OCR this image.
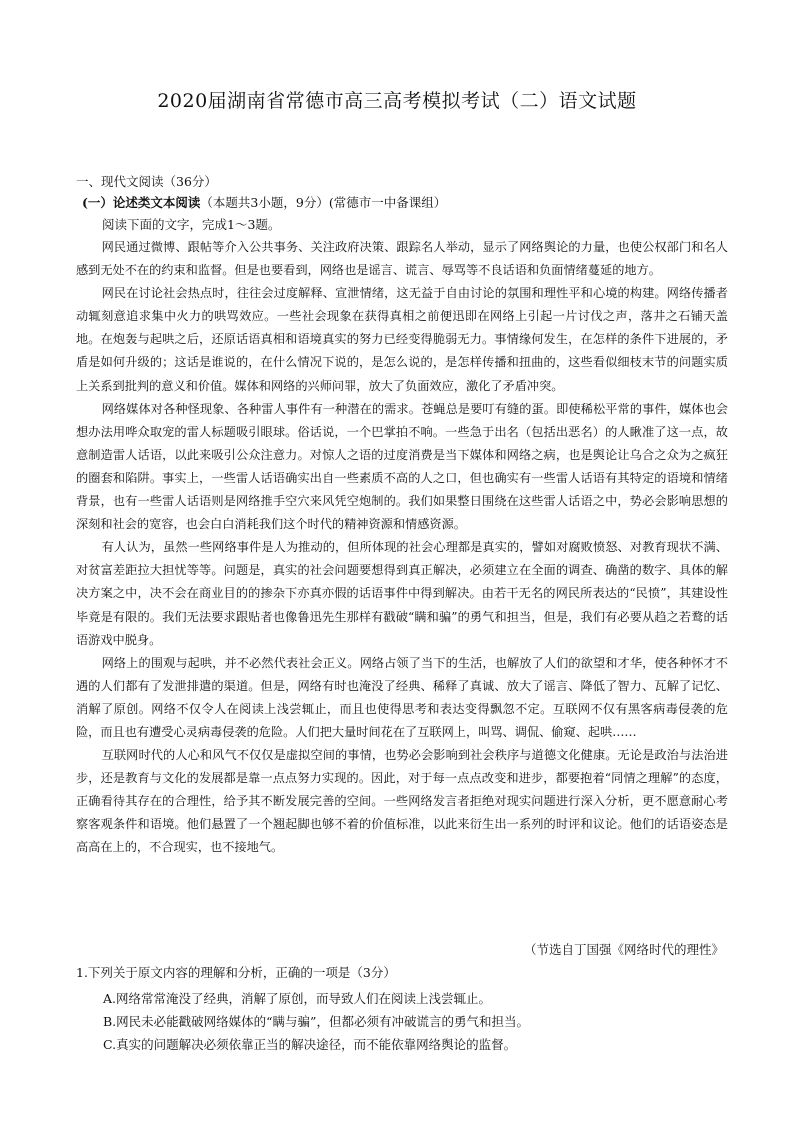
2020届湖南省常德市高三高考模拟考试（二）语文试题
一、现代文阅读（36分）
(一）论述类文本阅读（本题共3小题，9分）(常德市一中备课组）
阅读下面的文字，完成1～3题。

网民通过微博、跟帖等介入公共事务、关注政府决策、跟踪名人举动，显示了网络舆论的力量，也使公权部门和名人感到无处不在的约束和监督。但是也要看到，网络也是谣言、谎言、辱骂等不良话语和负面情绪蔓延的地方。

网民在讨论社会热点时，往往会过度解释、宣泄情绪，这无益于自由讨论的氛围和理性平和心境的构建。网络传播者动辄刻意追求集中火力的哄骂效应。一些社会现象在获得真相之前便迅即在网络上引起一片讨伐之声，落井之石铺天盖地。在炮轰与起哄之后，还原话语真相和语境真实的努力已经变得脆弱无力。事情缘何发生，在怎样的条件下进展的，矛盾是如何升级的；这话是谁说的，在什么情况下说的，是怎么说的，是怎样传播和扭曲的，这些看似细枝末节的问题实质上关系到批判的意义和价值。媒体和网络的兴师问罪，放大了负面效应，激化了矛盾冲突。

网络媒体对各种怪现象、各种雷人事件有一种潜在的需求。苍蝇总是要叮有缝的蛋。即使稀松平常的事件，媒体也会想办法用哗众取宠的雷人标题吸引眼球。俗话说，一个巴掌拍不响。一些急于出名（包括出恶名）的人瞅准了这一点，故意制造雷人话语，以此来吸引公众注意力。对惊人之语的过度消费是当下媒体和网络之病，也是舆论让乌合之众为之疯狂的圈套和陷阱。事实上，一些雷人话语确实出自一些素质不高的人之口，但也确实有一些雷人话语有其特定的语境和情绪背景，也有一些雷人话语则是网络推手空穴来风凭空炮制的。我们如果整日围绕在这些雷人话语之中，势必会影响思想的深刻和社会的宽容，也会白白消耗我们这个时代的精神资源和情感资源。

有人认为，虽然一些网络事件是人为推动的，但所体现的社会心理都是真实的，譬如对腐败愤怒、对教育现状不满、对贫富差距拉大担忧等等。问题是，真实的社会问题要想得到真正解决，必须建立在全面的调查、确凿的数字、具体的解决方案之中，决不会在商业目的的掺杂下亦真亦假的话语事件中得到解决。由若干无名的网民所表达的“民愤”，其建设性毕竟是有限的。我们无法要求跟贴者也像鲁迅先生那样有戳破“瞒和骗”的勇气和担当，但是，我们有必要从趋之若鹜的话语游戏中脱身。

网络上的围观与起哄，并不必然代表社会正义。网络占领了当下的生活，也解放了人们的欲望和才华，使各种怀才不遇的人们都有了发泄排遣的渠道。但是，网络有时也淹没了经典、稀释了真诚、放大了谣言、降低了智力、瓦解了记忆、消解了原创。网络不仅令人在阅读上浅尝辄止，而且也使得思考和表达变得飘忽不定。互联网不仅有黑客病毒侵袭的危险，而且也有遭受心灵病毒侵袭的危险。人们把大量时间花在了互联网上，叫骂、调侃、偷窥、起哄……

互联网时代的人心和风气不仅仅是虚拟空间的事情，也势必会影响到社会秩序与道德文化健康。无论是政治与法治进步，还是教育与文化的发展都是靠一点点努力实现的。因此，对于每一点点改变和进步，都要抱着“同情之理解”的态度，正确看待其存在的合理性，给予其不断发展完善的空间。一些网络发言者拒绝对现实问题进行深入分析，更不愿意耐心考察客观条件和语境。他们悬置了一个翘起脚也够不着的价值标准，以此来衍生出一系列的时评和议论。他们的话语姿态是高高在上的，不合现实，也不接地气。

（节选自丁国强《网络时代的理性》
1.下列关于原文内容的理解和分析，正确的一项是（3分）
A.网络常常淹没了经典，消解了原创，而导致人们在阅读上浅尝辄止。
B.网民未必能戳破网络媒体的“瞒与骗”，但都必须有冲破谎言的勇气和担当。
C.真实的问题解决必须依靠正当的解决途径，而不能依靠网络舆论的监督。
